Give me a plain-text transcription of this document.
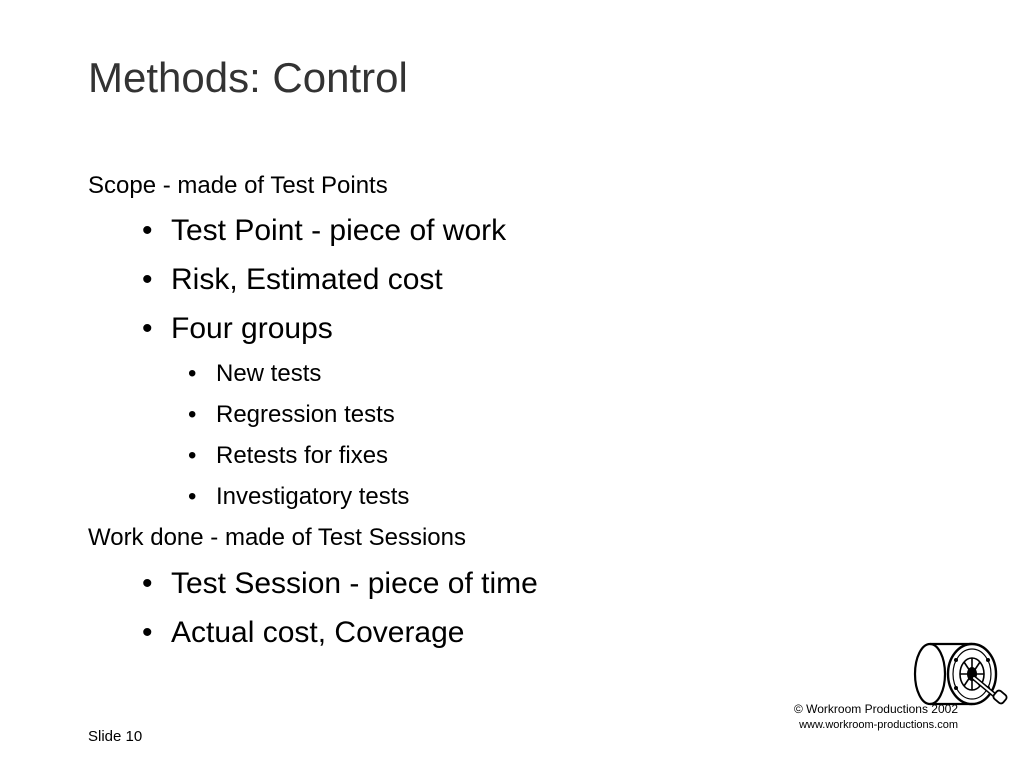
Methods: Control
Scope - made of Test Points
• Test Point - piece of work
• Risk, Estimated cost
• Four groups
• New tests
• Regression tests
• Retests for fixes
• Investigatory tests
Work done - made of Test Sessions
• Test Session - piece of time
• Actual cost, Coverage
© Workroom Productions 2002
www.workroom-productions.com
Slide 10
